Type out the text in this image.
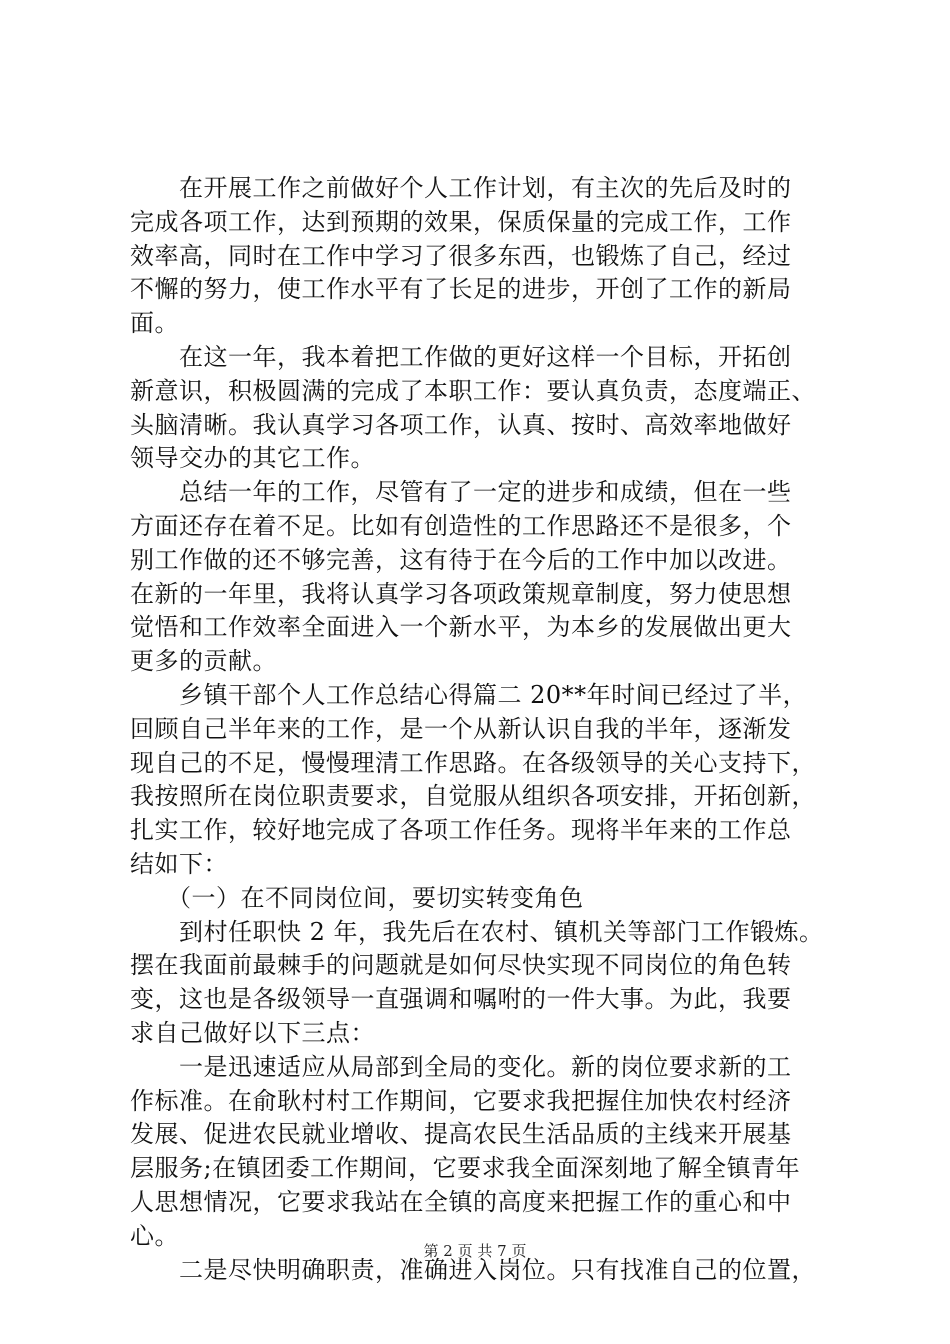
　　在开展工作之前做好个人工作计划，有主次的先后及时的
完成各项工作，达到预期的效果，保质保量的完成工作，工作
效率高，同时在工作中学习了很多东西，也锻炼了自己，经过
不懈的努力，使工作水平有了长足的进步，开创了工作的新局
面。
　　在这一年，我本着把工作做的更好这样一个目标，开拓创
新意识，积极圆满的完成了本职工作：要认真负责，态度端正、
头脑清晰。我认真学习各项工作，认真、按时、高效率地做好
领导交办的其它工作。
　　总结一年的工作，尽管有了一定的进步和成绩，但在一些
方面还存在着不足。比如有创造性的工作思路还不是很多，个
别工作做的还不够完善，这有待于在今后的工作中加以改进。
在新的一年里，我将认真学习各项政策规章制度，努力使思想
觉悟和工作效率全面进入一个新水平，为本乡的发展做出更大
更多的贡献。
　　乡镇干部个人工作总结心得篇二 20**年时间已经过了半，
回顾自己半年来的工作，是一个从新认识自我的半年，逐渐发
现自己的不足，慢慢理清工作思路。在各级领导的关心支持下，
我按照所在岗位职责要求，自觉服从组织各项安排，开拓创新，
扎实工作，较好地完成了各项工作任务。现将半年来的工作总
结如下：
　　（一）在不同岗位间，要切实转变角色
　　到村任职快 2 年，我先后在农村、镇机关等部门工作锻炼。
摆在我面前最棘手的问题就是如何尽快实现不同岗位的角色转
变，这也是各级领导一直强调和嘱咐的一件大事。为此，我要
求自己做好以下三点：
　　一是迅速适应从局部到全局的变化。新的岗位要求新的工
作标准。在俞耿村村工作期间，它要求我把握住加快农村经济
发展、促进农民就业增收、提高农民生活品质的主线来开展基
层服务;在镇团委工作期间，它要求我全面深刻地了解全镇青年
人思想情况，它要求我站在全镇的高度来把握工作的重心和中
心。
　　二是尽快明确职责，准确进入岗位。只有找准自己的位置，
第 2 页 共 7 页
